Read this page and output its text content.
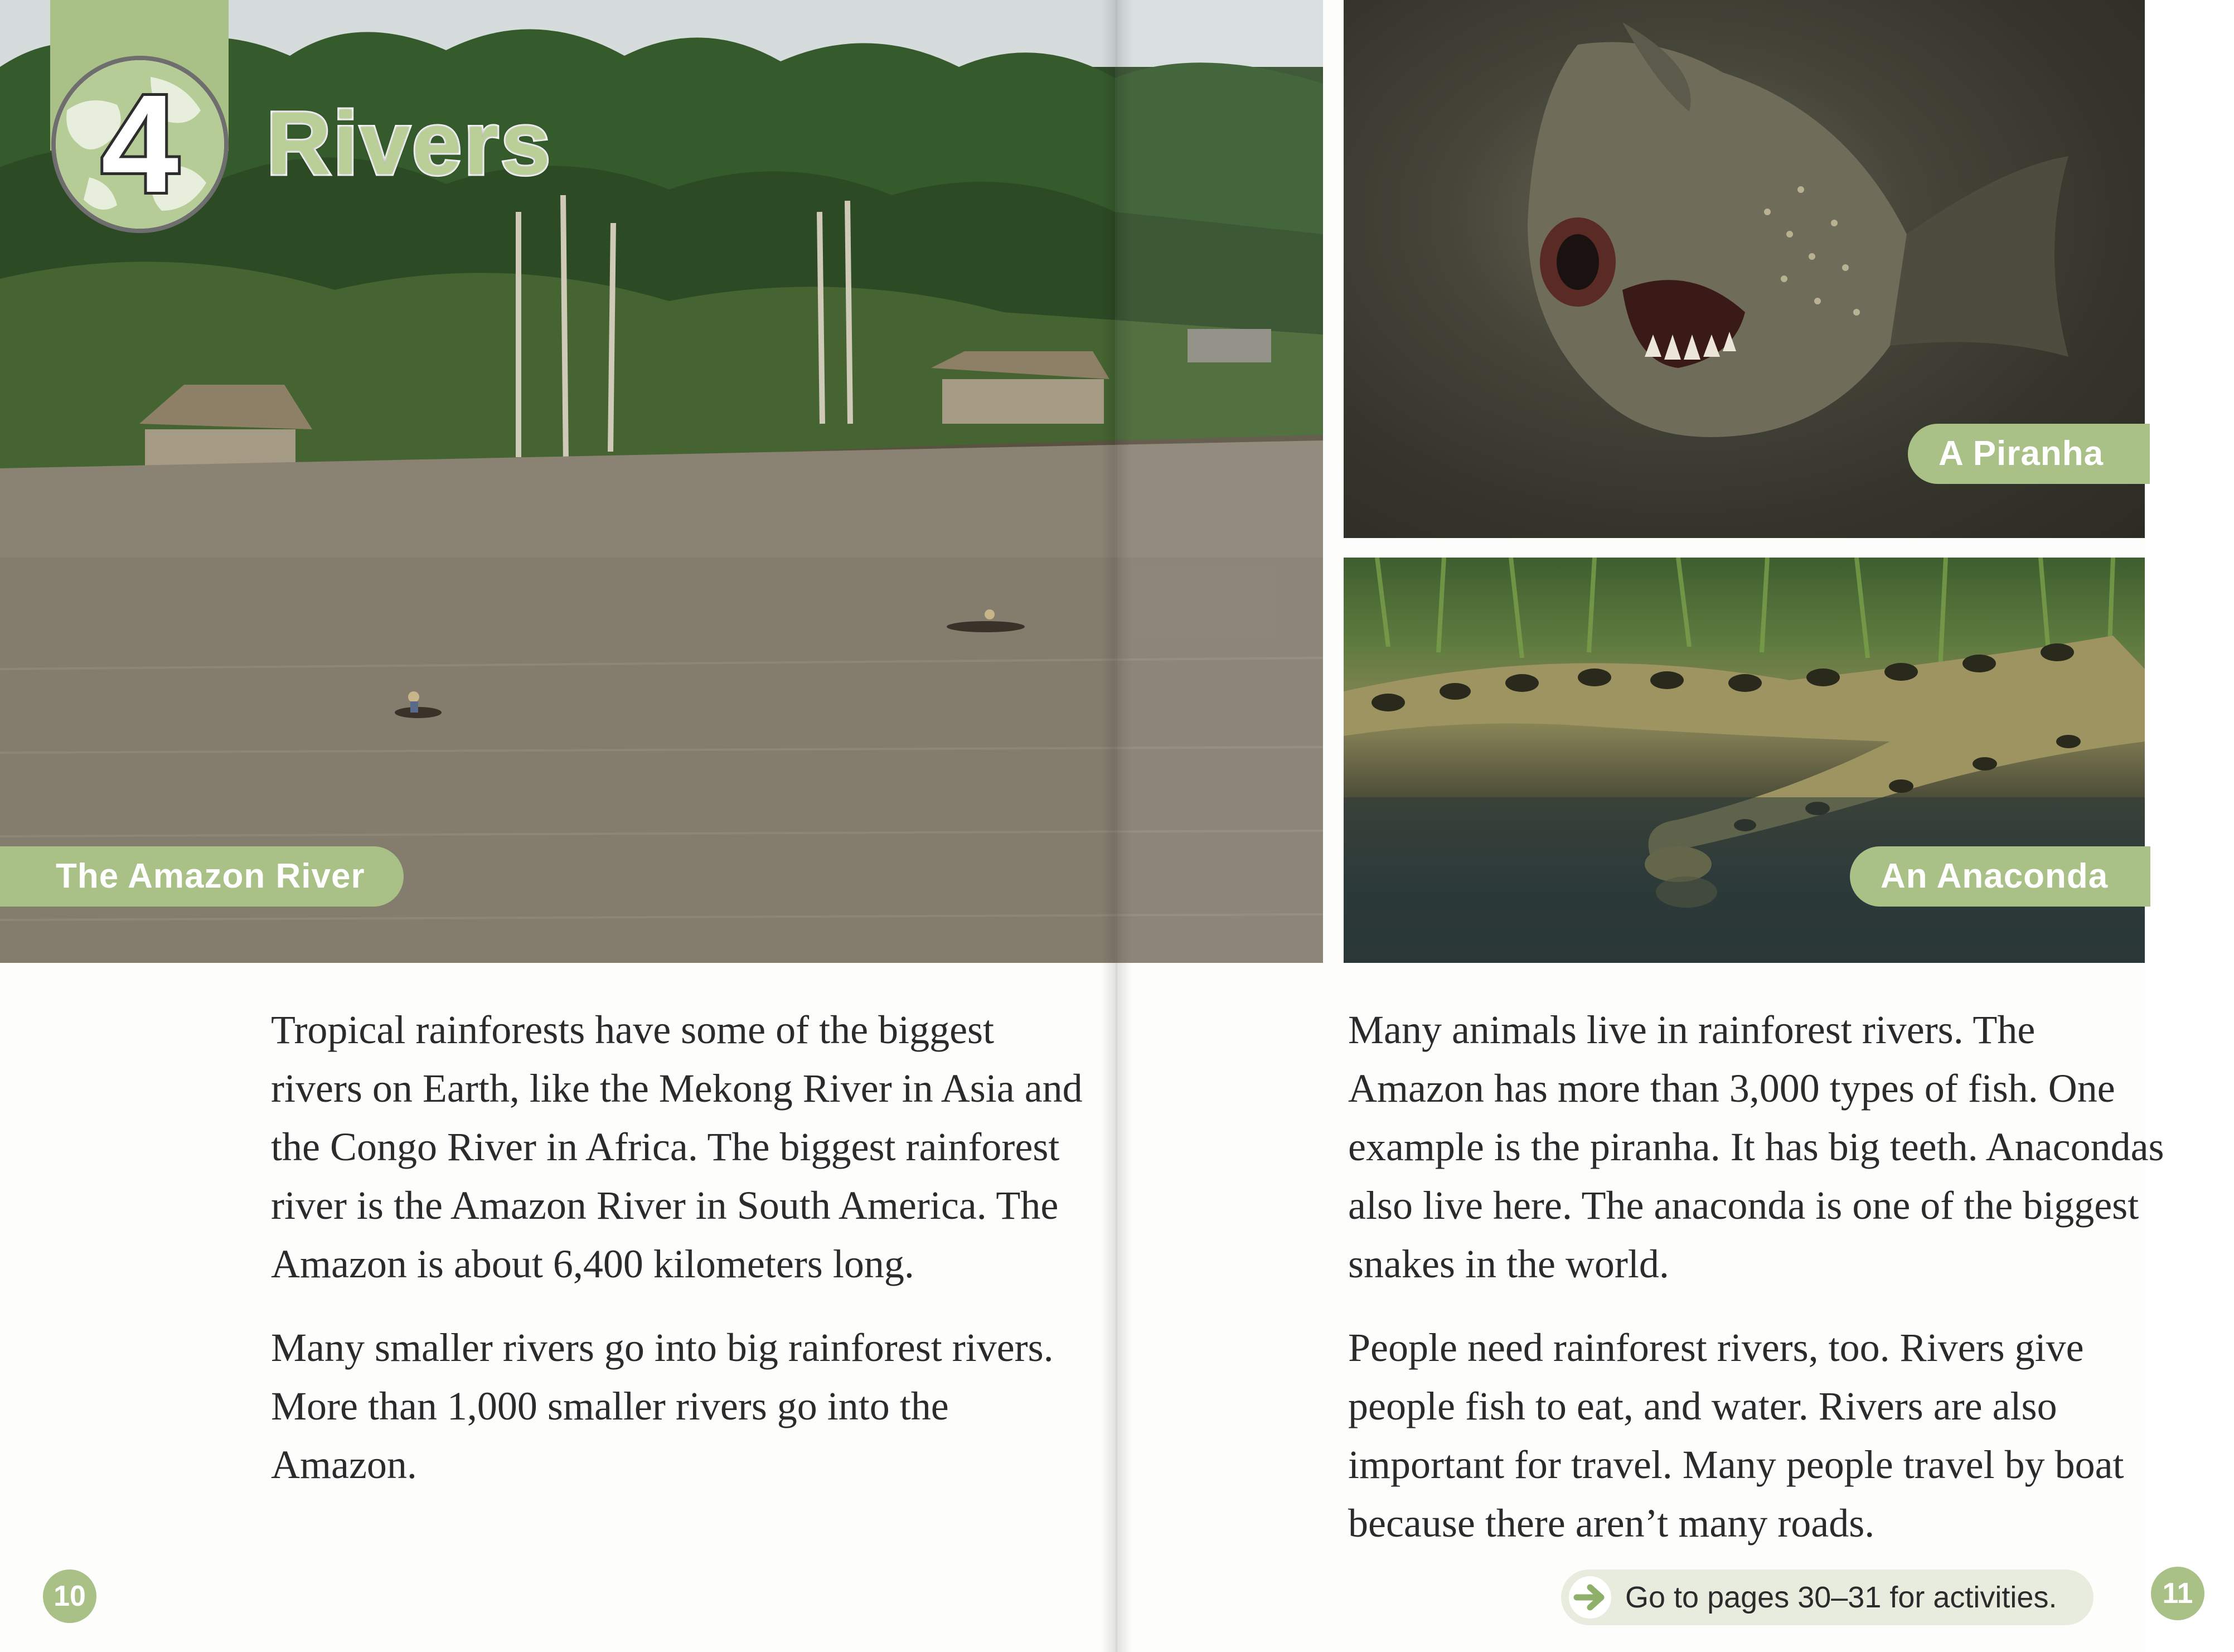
4 Rivers
The Amazon River
A Piranha
An Anaconda

Tropical rainforests have some of the biggest rivers on Earth, like the Mekong River in Asia and the Congo River in Africa. The biggest rainforest river is the Amazon River in South America. The Amazon is about 6,400 kilometers long.

Many smaller rivers go into big rainforest rivers. More than 1,000 smaller rivers go into the Amazon.

Many animals live in rainforest rivers. The Amazon has more than 3,000 types of fish. One example is the piranha. It has big teeth. Anacondas also live here. The anaconda is one of the biggest snakes in the world.

People need rainforest rivers, too. Rivers give people fish to eat, and water. Rivers are also important for travel. Many people travel by boat because there aren’t many roads.

10	Go to pages 30–31 for activities.	11
